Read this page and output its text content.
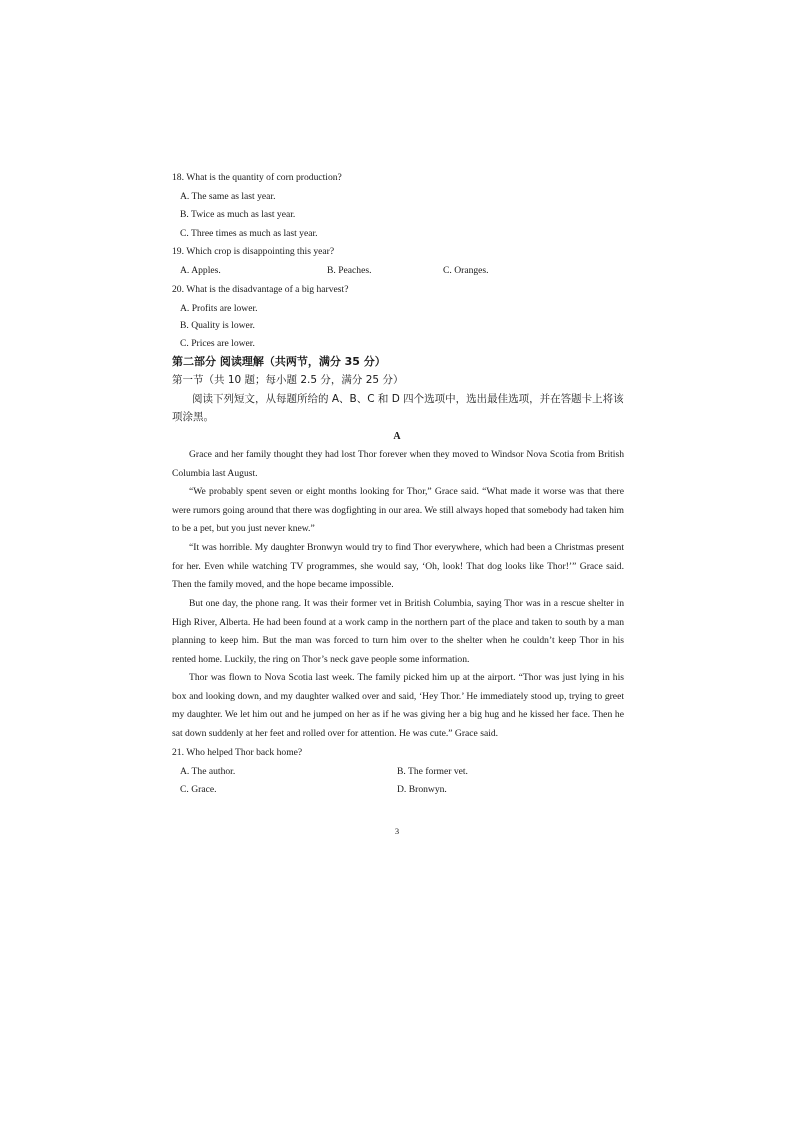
18. What is the quantity of corn production?
A. The same as last year.
B. Twice as much as last year.
C. Three times as much as last year.
19. Which crop is disappointing this year?
A. Apples.	B. Peaches.	C. Oranges.
20. What is the disadvantage of a big harvest?
A. Profits are lower.
B. Quality is lower.
C. Prices are lower.
第二部分 阅读理解（共两节，满分 35 分）
第一节（共 10 题；每小题 2.5 分，满分 25 分）
阅读下列短文，从每题所给的 A、B、C 和 D 四个选项中，选出最佳选项，并在答题卡上将该项涂黑。
A
Grace and her family thought they had lost Thor forever when they moved to Windsor Nova Scotia from British Columbia last August.
“We probably spent seven or eight months looking for Thor,” Grace said. “What made it worse was that there were rumors going around that there was dogfighting in our area. We still always hoped that somebody had taken him to be a pet, but you just never knew.”
“It was horrible. My daughter Bronwyn would try to find Thor everywhere, which had been a Christmas present for her. Even while watching TV programmes, she would say, ‘Oh, look! That dog looks like Thor!’” Grace said. Then the family moved, and the hope became impossible.
But one day, the phone rang. It was their former vet in British Columbia, saying Thor was in a rescue shelter in High River, Alberta. He had been found at a work camp in the northern part of the place and taken to south by a man planning to keep him. But the man was forced to turn him over to the shelter when he couldn’t keep Thor in his rented home. Luckily, the ring on Thor’s neck gave people some information.
Thor was flown to Nova Scotia last week. The family picked him up at the airport. “Thor was just lying in his box and looking down, and my daughter walked over and said, ‘Hey Thor.’ He immediately stood up, trying to greet my daughter. We let him out and he jumped on her as if he was giving her a big hug and he kissed her face. Then he sat down suddenly at her feet and rolled over for attention. He was cute.” Grace said.
21. Who helped Thor back home?
A. The author.	B. The former vet.
C. Grace.	D. Bronwyn.
3
